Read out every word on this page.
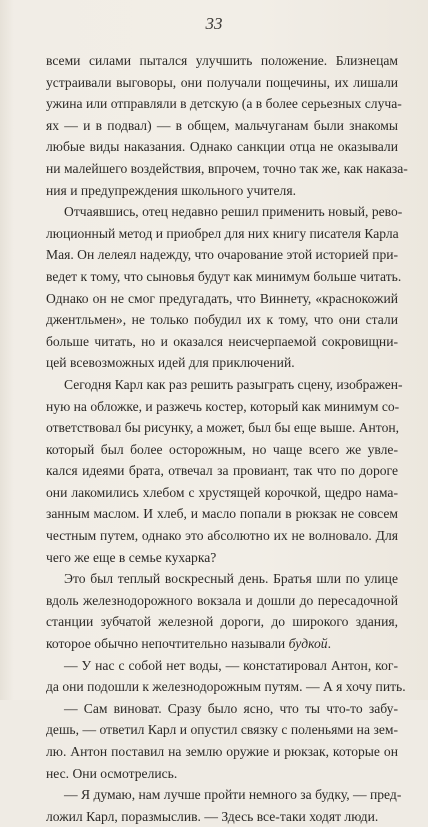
33

всеми силами пытался улучшить положение. Близнецам
устраивали выговоры, они получали пощечины, их лишали
ужина или отправляли в детскую (а в более серьезных случа-
ях — и в подвал) — в общем, мальчуганам были знакомы
любые виды наказания. Однако санкции отца не оказывали
ни малейшего воздействия, впрочем, точно так же, как наказа-
ния и предупреждения школьного учителя.

Отчаявшись, отец недавно решил применить новый, рево-
люционный метод и приобрел для них книгу писателя Карла
Мая. Он лелеял надежду, что очарование этой историей при-
ведет к тому, что сыновья будут как минимум больше читать.
Однако он не смог предугадать, что Виннету, «краснокожий
джентльмен», не только побудил их к тому, что они стали
больше читать, но и оказался неисчерпаемой сокровищни-
цей всевозможных идей для приключений.

Сегодня Карл как раз решить разыграть сцену, изображен-
ную на обложке, и разжечь костер, который как минимум со-
ответствовал бы рисунку, а может, был бы еще выше. Антон,
который был более осторожным, но чаще всего же увле-
кался идеями брата, отвечал за провиант, так что по дороге
они лакомились хлебом с хрустящей корочкой, щедро нама-
занным маслом. И хлеб, и масло попали в рюкзак не совсем
честным путем, однако это абсолютно их не волновало. Для
чего же еще в семье кухарка?

Это был теплый воскресный день. Братья шли по улице
вдоль железнодорожного вокзала и дошли до пересадочной
станции зубчатой железной дороги, до широкого здания,
которое обычно непочтительно называли будкой.

— У нас с собой нет воды, — констатировал Антон, ког-
да они подошли к железнодорожным путям. — А я хочу пить.

— Сам виноват. Сразу было ясно, что ты что-то забу-
дешь, — ответил Карл и опустил связку с поленьями на зем-
лю. Антон поставил на землю оружие и рюкзак, которые он
нес. Они осмотрелись.

— Я думаю, нам лучше пройти немного за будку, — пред-
ложил Карл, поразмыслив. — Здесь все-таки ходят люди.
